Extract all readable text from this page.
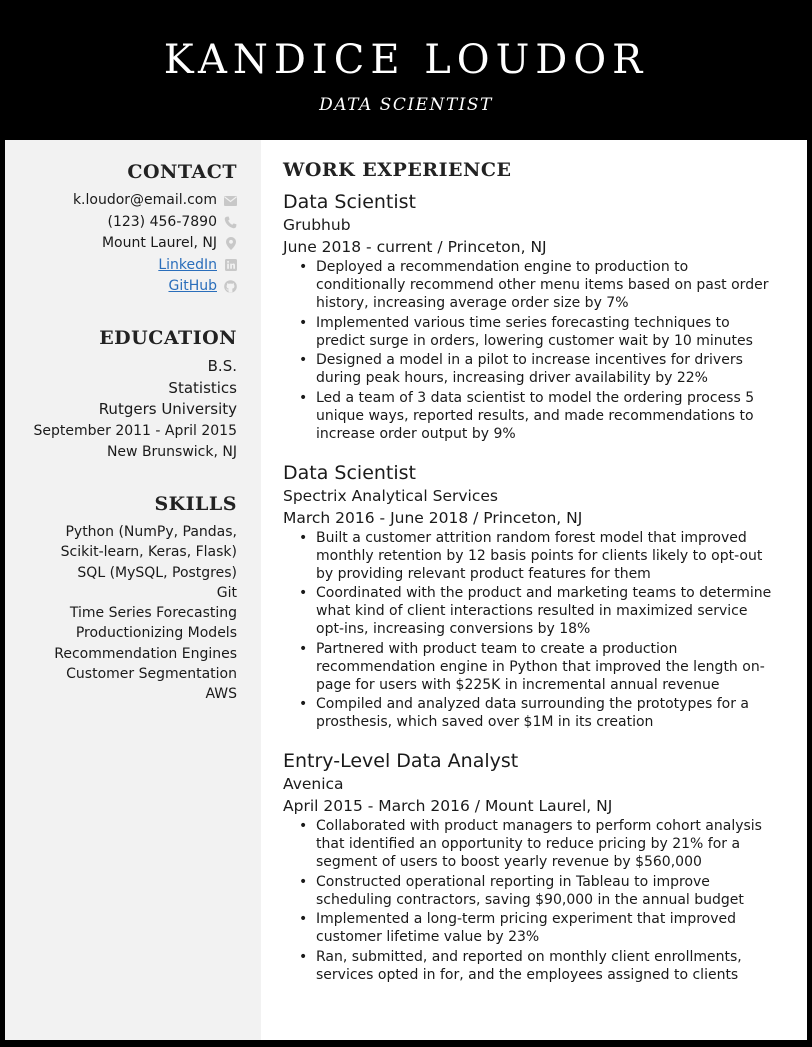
KANDICE LOUDOR
DATA SCIENTIST
CONTACT
k.loudor@email.com
(123) 456-7890
Mount Laurel, NJ
LinkedIn
GitHub
EDUCATION
B.S.
Statistics
Rutgers University
September 2011 - April 2015
New Brunswick, NJ
SKILLS
Python (NumPy, Pandas,
Scikit-learn, Keras, Flask)
SQL (MySQL, Postgres)
Git
Time Series Forecasting
Productionizing Models
Recommendation Engines
Customer Segmentation
AWS
WORK EXPERIENCE
Data Scientist
Grubhub
June 2018 - current / Princeton, NJ
• Deployed a recommendation engine to production to conditionally recommend other menu items based on past order history, increasing average order size by 7%
• Implemented various time series forecasting techniques to predict surge in orders, lowering customer wait by 10 minutes
• Designed a model in a pilot to increase incentives for drivers during peak hours, increasing driver availability by 22%
• Led a team of 3 data scientist to model the ordering process 5 unique ways, reported results, and made recommendations to increase order output by 9%
Data Scientist
Spectrix Analytical Services
March 2016 - June 2018 / Princeton, NJ
• Built a customer attrition random forest model that improved monthly retention by 12 basis points for clients likely to opt-out by providing relevant product features for them
• Coordinated with the product and marketing teams to determine what kind of client interactions resulted in maximized service opt-ins, increasing conversions by 18%
• Partnered with product team to create a production recommendation engine in Python that improved the length on-page for users with $225K in incremental annual revenue
• Compiled and analyzed data surrounding the prototypes for a prosthesis, which saved over $1M in its creation
Entry-Level Data Analyst
Avenica
April 2015 - March 2016 / Mount Laurel, NJ
• Collaborated with product managers to perform cohort analysis that identified an opportunity to reduce pricing by 21% for a segment of users to boost yearly revenue by $560,000
• Constructed operational reporting in Tableau to improve scheduling contractors, saving $90,000 in the annual budget
• Implemented a long-term pricing experiment that improved customer lifetime value by 23%
• Ran, submitted, and reported on monthly client enrollments, services opted in for, and the employees assigned to clients
